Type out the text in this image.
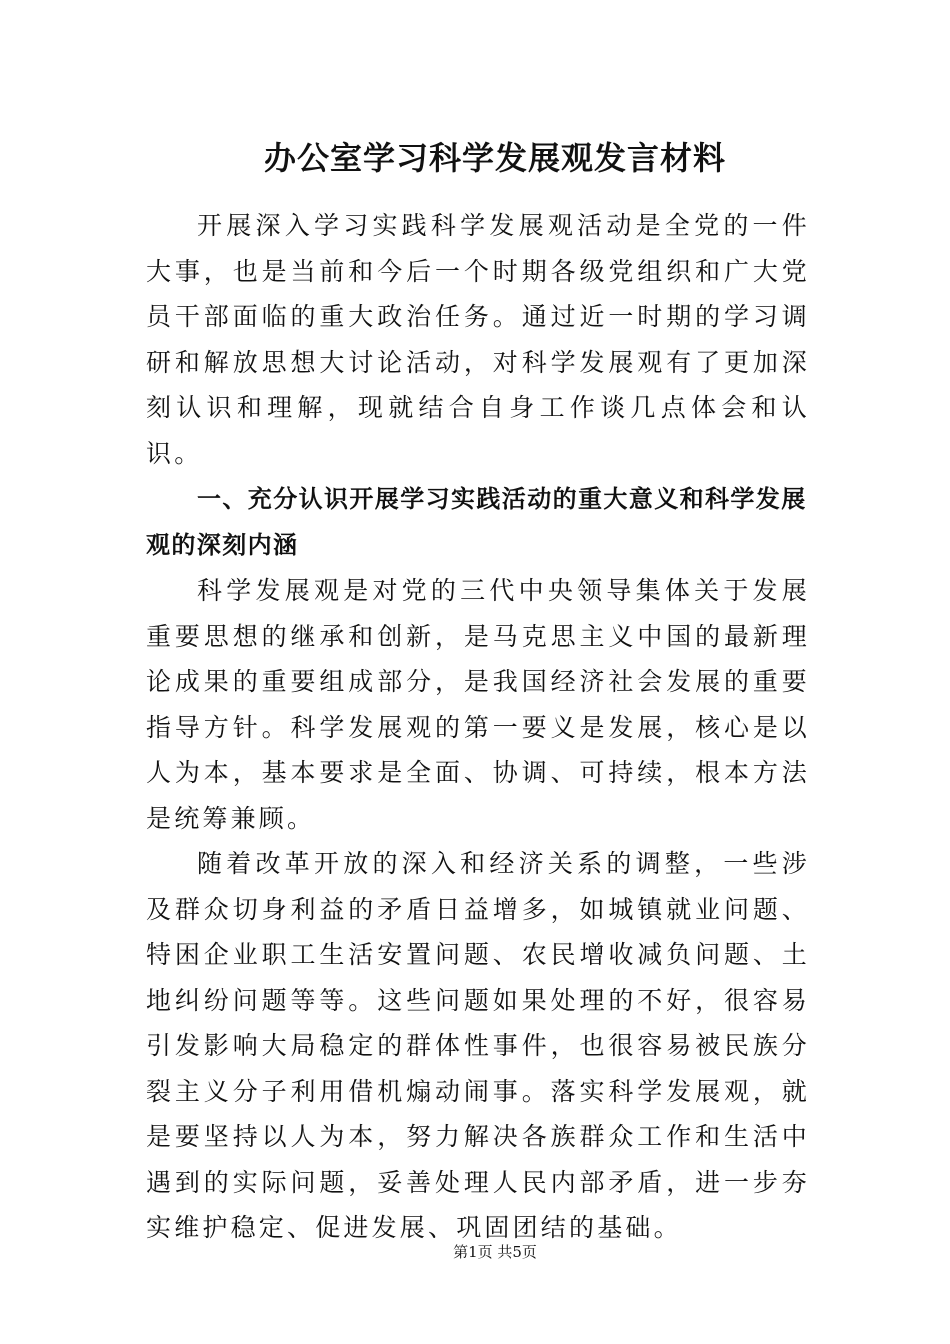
办公室学习科学发展观发言材料

开展深入学习实践科学发展观活动是全党的一件大事，也是当前和今后一个时期各级党组织和广大党员干部面临的重大政治任务。通过近一时期的学习调研和解放思想大讨论活动，对科学发展观有了更加深刻认识和理解，现就结合自身工作谈几点体会和认识。

一、充分认识开展学习实践活动的重大意义和科学发展观的深刻内涵

科学发展观是对党的三代中央领导集体关于发展重要思想的继承和创新，是马克思主义中国的最新理论成果的重要组成部分，是我国经济社会发展的重要指导方针。科学发展观的第一要义是发展，核心是以人为本，基本要求是全面、协调、可持续，根本方法是统筹兼顾。

随着改革开放的深入和经济关系的调整，一些涉及群众切身利益的矛盾日益增多，如城镇就业问题、特困企业职工生活安置问题、农民增收减负问题、土地纠纷问题等等。这些问题如果处理的不好，很容易引发影响大局稳定的群体性事件，也很容易被民族分裂主义分子利用借机煽动闹事。落实科学发展观，就是要坚持以人为本，努力解决各族群众工作和生活中遇到的实际问题，妥善处理人民内部矛盾，进一步夯实维护稳定、促进发展、巩固团结的基础。

第1页 共5页
